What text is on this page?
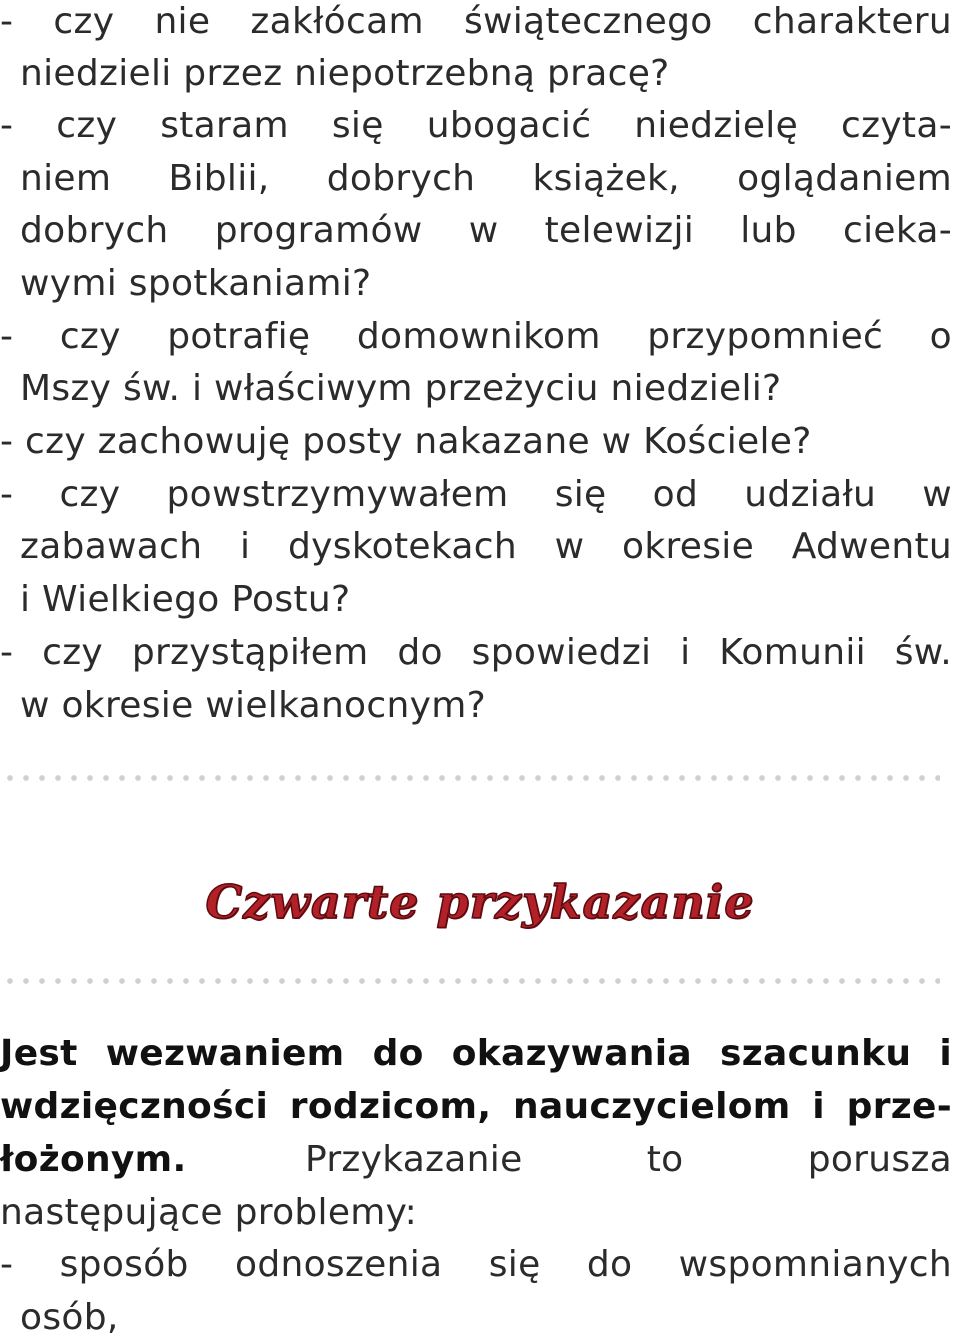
- czy nie zakłócam świątecznego charakteru
niedzieli przez niepotrzebną pracę?
- czy staram się ubogacić niedzielę czyta-
niem Biblii, dobrych książek, oglądaniem
dobrych programów w telewizji lub cieka-
wymi spotkaniami?
- czy potrafię domownikom przypomnieć o
Mszy św. i właściwym przeżyciu niedzieli?
- czy zachowuję posty nakazane w Kościele?
- czy powstrzymywałem się od udziału w
zabawach i dyskotekach w okresie Adwentu
i Wielkiego Postu?
- czy przystąpiłem do spowiedzi i Komunii św.
w okresie wielkanocnym?
Czwarte przykazanie
Jest wezwaniem do okazywania szacunku i
wdzięczności rodzicom, nauczycielom i prze-
łożonym.	Przykazanie to porusza
następujące problemy:
- sposób odnoszenia się do wspomnianych
osób,
